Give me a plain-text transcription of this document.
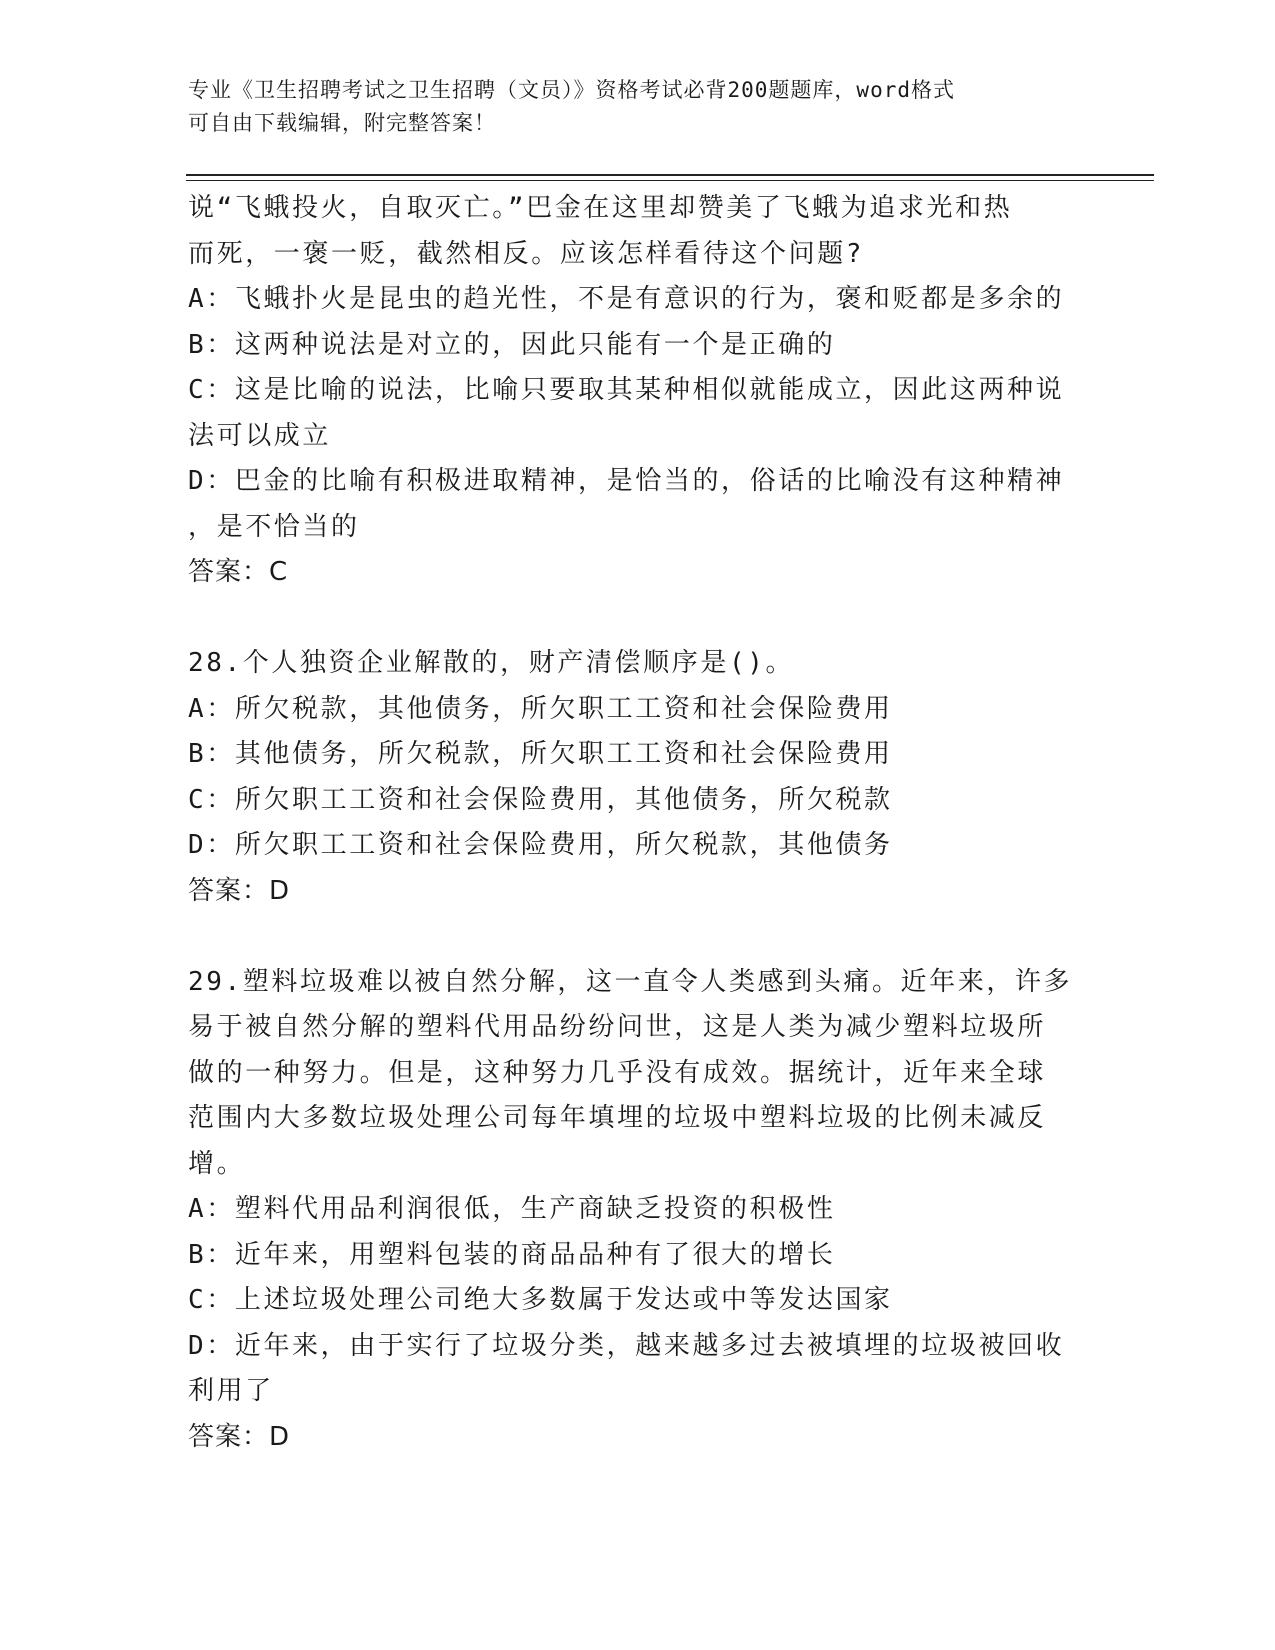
专业《卫生招聘考试之卫生招聘（文员）》资格考试必背200题题库，word格式
可自由下载编辑，附完整答案！
说“飞蛾投火，自取灭亡。”巴金在这里却赞美了飞蛾为追求光和热
而死，一褒一贬，截然相反。应该怎样看待这个问题?
A：飞蛾扑火是昆虫的趋光性，不是有意识的行为，褒和贬都是多余的
B：这两种说法是对立的，因此只能有一个是正确的
C：这是比喻的说法，比喻只要取其某种相似就能成立，因此这两种说
法可以成立
D：巴金的比喻有积极进取精神，是恰当的，俗话的比喻没有这种精神
，是不恰当的
答案：C
28.个人独资企业解散的，财产清偿顺序是()。
A：所欠税款，其他债务，所欠职工工资和社会保险费用
B：其他债务，所欠税款，所欠职工工资和社会保险费用
C：所欠职工工资和社会保险费用，其他债务，所欠税款
D：所欠职工工资和社会保险费用，所欠税款，其他债务
答案：D
29.塑料垃圾难以被自然分解，这一直令人类感到头痛。近年来，许多
易于被自然分解的塑料代用品纷纷问世，这是人类为减少塑料垃圾所
做的一种努力。但是，这种努力几乎没有成效。据统计，近年来全球
范围内大多数垃圾处理公司每年填埋的垃圾中塑料垃圾的比例未减反
增。
A：塑料代用品利润很低，生产商缺乏投资的积极性
B：近年来，用塑料包装的商品品种有了很大的增长
C：上述垃圾处理公司绝大多数属于发达或中等发达国家
D：近年来，由于实行了垃圾分类，越来越多过去被填埋的垃圾被回收
利用了
答案：D
